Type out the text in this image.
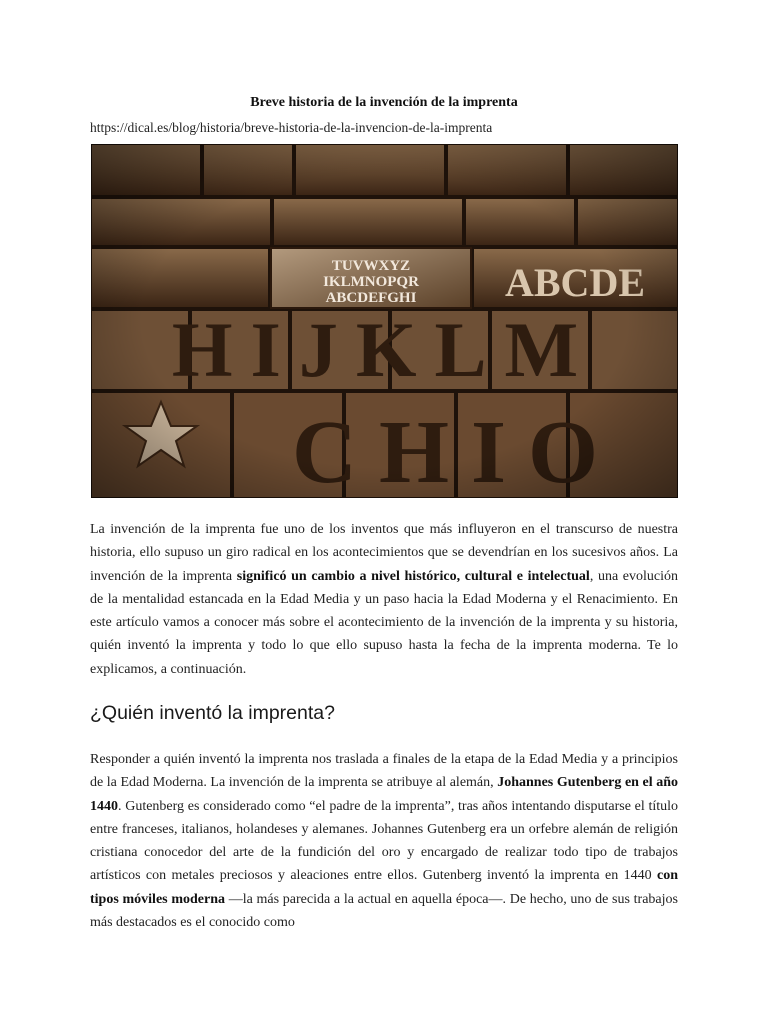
Breve historia de la invención de la imprenta
https://dical.es/blog/historia/breve-historia-de-la-invencion-de-la-imprenta

La invención de la imprenta fue uno de los inventos que más influyeron en el transcurso de nuestra historia, ello supuso un giro radical en los acontecimientos que se devendrían en los sucesivos años. La invención de la imprenta significó un cambio a nivel histórico, cultural e intelectual, una evolución de la mentalidad estancada en la Edad Media y un paso hacia la Edad Moderna y el Renacimiento. En este artículo vamos a conocer más sobre el acontecimiento de la invención de la imprenta y su historia, quién inventó la imprenta y todo lo que ello supuso hasta la fecha de la imprenta moderna. Te lo explicamos, a continuación.

¿Quién inventó la imprenta?

Responder a quién inventó la imprenta nos traslada a finales de la etapa de la Edad Media y a principios de la Edad Moderna. La invención de la imprenta se atribuye al alemán, Johannes Gutenberg en el año 1440. Gutenberg es considerado como “el padre de la imprenta”, tras años intentando disputarse el título entre franceses, italianos, holandeses y alemanes. Johannes Gutenberg era un orfebre alemán de religión cristiana conocedor del arte de la fundición del oro y encargado de realizar todo tipo de trabajos artísticos con metales preciosos y aleaciones entre ellos. Gutenberg inventó la imprenta en 1440 con tipos móviles moderna —la más parecida a la actual en aquella época—. De hecho, uno de sus trabajos más destacados es el conocido como
